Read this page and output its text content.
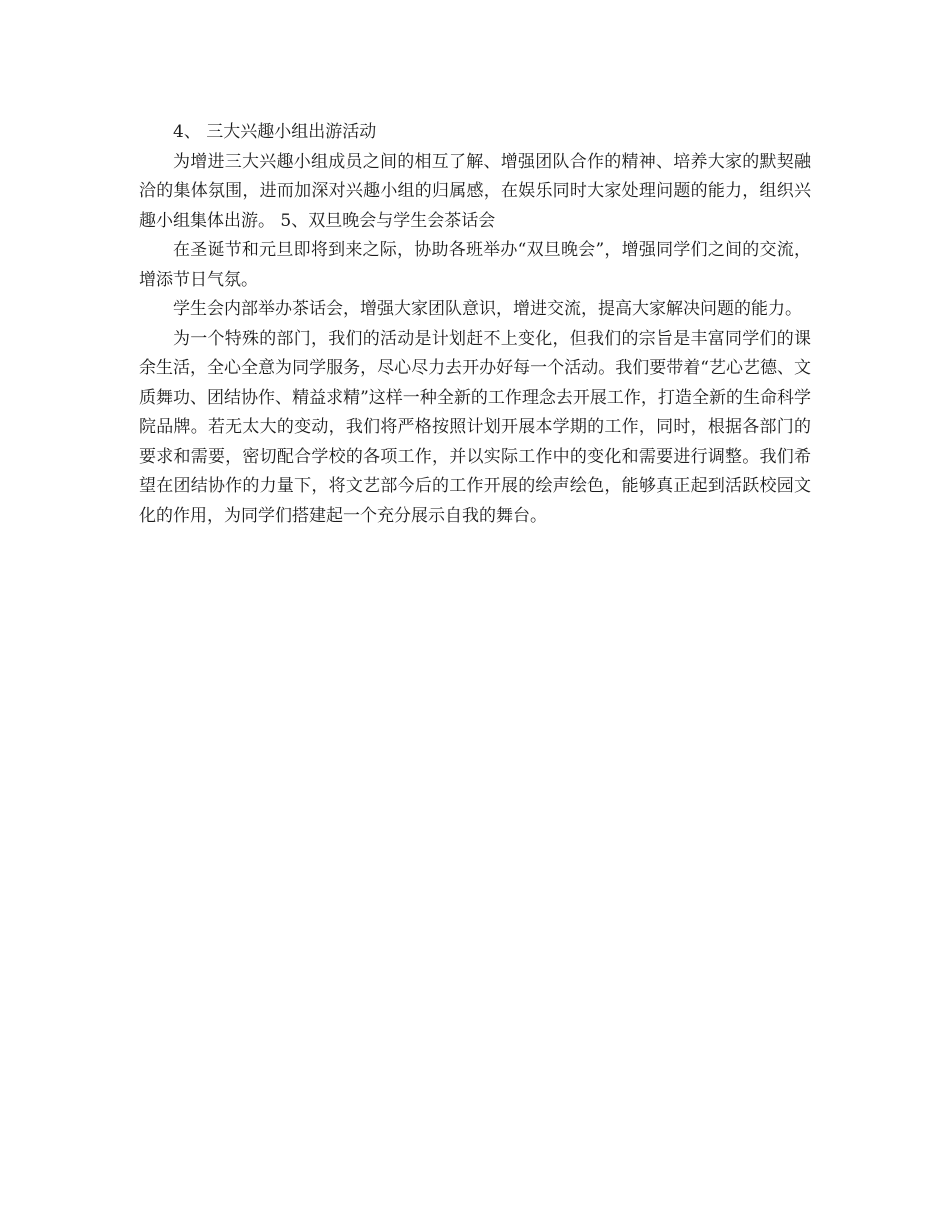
4、 三大兴趣小组出游活动

为增进三大兴趣小组成员之间的相互了解、增强团队合作的精神、培养大家的默契融洽的集体氛围，进而加深对兴趣小组的归属感，在娱乐同时大家处理问题的能力，组织兴趣小组集体出游。 5、双旦晚会与学生会茶话会

在圣诞节和元旦即将到来之际，协助各班举办“双旦晚会”，增强同学们之间的交流，增添节日气氛。

学生会内部举办茶话会，增强大家团队意识，增进交流，提高大家解决问题的能力。

为一个特殊的部门，我们的活动是计划赶不上变化，但我们的宗旨是丰富同学们的课余生活，全心全意为同学服务，尽心尽力去开办好每一个活动。我们要带着“艺心艺德、文质舞功、团结协作、精益求精”这样一种全新的工作理念去开展工作，打造全新的生命科学院品牌。若无太大的变动，我们将严格按照计划开展本学期的工作，同时，根据各部门的要求和需要，密切配合学校的各项工作，并以实际工作中的变化和需要进行调整。我们希望在团结协作的力量下，将文艺部今后的工作开展的绘声绘色，能够真正起到活跃校园文化的作用，为同学们搭建起一个充分展示自我的舞台。
